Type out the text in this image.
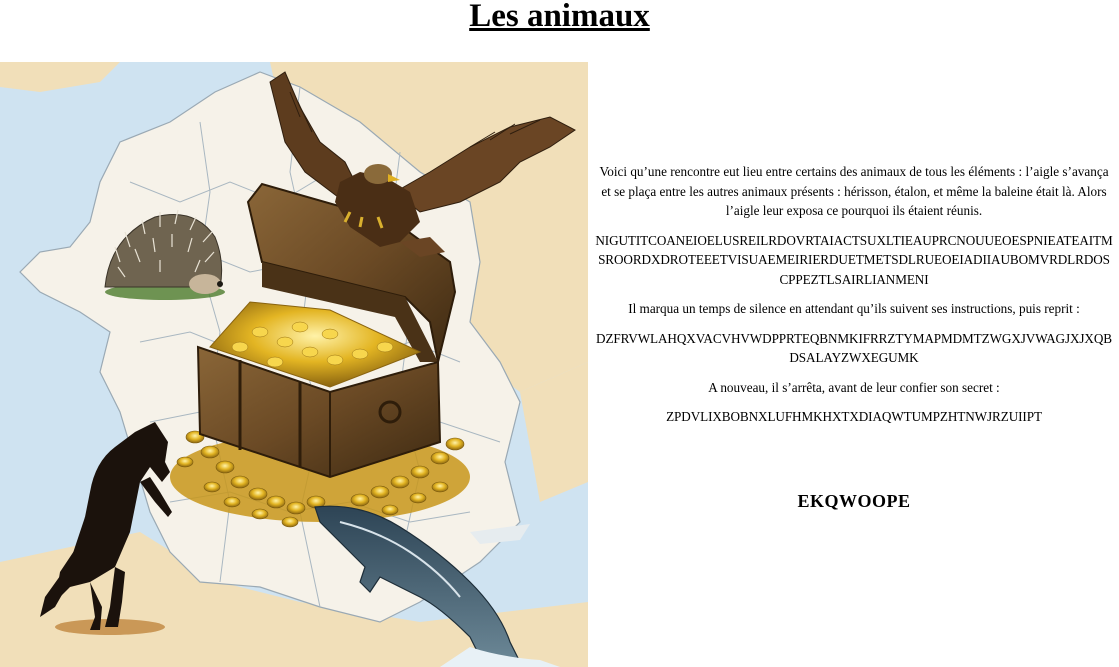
Les animaux

Voici qu’une rencontre eut lieu entre certains des animaux de tous les éléments : l’aigle s’avança et se plaça entre les autres animaux présents : hérisson, étalon, et même la baleine était là. Alors l’aigle leur exposa ce pourquoi ils étaient réunis.

NIGUTITCOANEIOELUSREILRDOVRTAIACTSUXLTIEAUPRCNOUUEOESPNIEATEAITMSROORDXDROTEEETVISUAEMEIRIERDUETMETSDLRUEOEIADIIAUBOMVRDLRDOSCPPEZTLSAIRLIANMENI

Il marqua un temps de silence en attendant qu’ils suivent ses instructions, puis reprit :

DZFRVWLAHQXVACVHVWDPPRTEQBNMKIFRRZTYMAPMDMTZWGXJVWAGJXJXQBDSALAYZWXEGUMK

A nouveau, il s’arrêta, avant de leur confier son secret :

ZPDVLIXBOBNXLUFHMKHXTXDIAQWTUMPZHTNWJRZUIIPT

EKQWOOPE
